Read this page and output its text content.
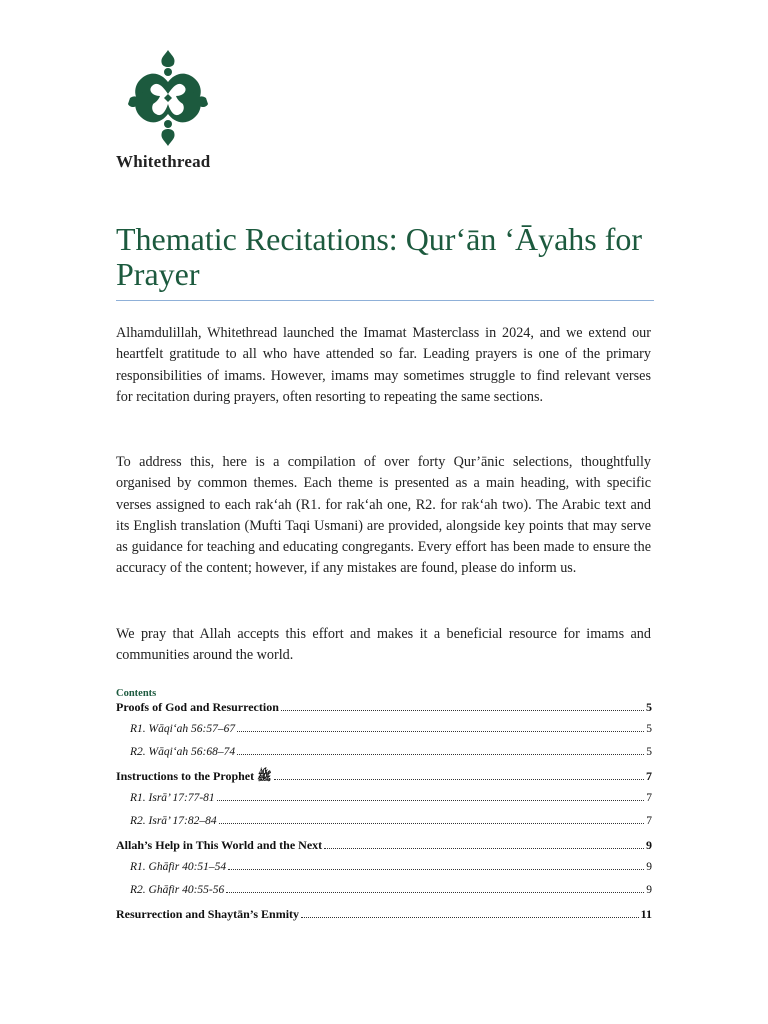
Whitethread
Thematic Recitations: Qur‘ān ‘Āyahs for Prayer

Alhamdulillah, Whitethread launched the Imamat Masterclass in 2024, and we extend our heartfelt gratitude to all who have attended so far. Leading prayers is one of the primary responsibilities of imams. However, imams may sometimes struggle to find relevant verses for recitation during prayers, often resorting to repeating the same sections.

To address this, here is a compilation of over forty Qur’ānic selections, thoughtfully organised by common themes. Each theme is presented as a main heading, with specific verses assigned to each rak‘ah (R1. for rak‘ah one, R2. for rak‘ah two). The Arabic text and its English translation (Mufti Taqi Usmani) are provided, alongside key points that may serve as guidance for teaching and educating congregants. Every effort has been made to ensure the accuracy of the content; however, if any mistakes are found, please do inform us.

We pray that Allah accepts this effort and makes it a beneficial resource for imams and communities around the world.

Contents
Proofs of God and Resurrection	5
R1. Wāqi‘ah 56:57–67	5
R2. Wāqi‘ah 56:68–74	5
Instructions to the Prophet ﷺ	7
R1. Isrā’ 17:77-81	7
R2. Isrā’ 17:82–84	7
Allah’s Help in This World and the Next	9
R1. Ghāfir 40:51–54	9
R2. Ghāfir 40:55-56	9
Resurrection and Shaytān’s Enmity	11
